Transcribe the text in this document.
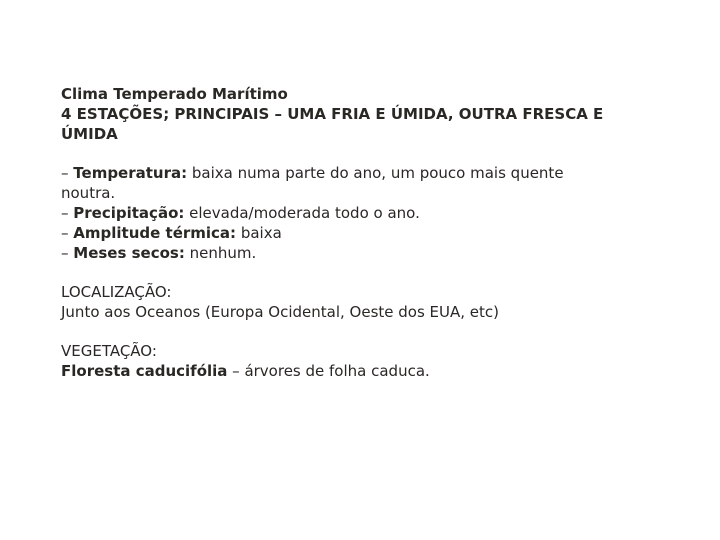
Clima Temperado Marítimo
4 ESTAÇÕES; PRINCIPAIS – UMA FRIA E ÚMIDA, OUTRA FRESCA E ÚMIDA
– Temperatura: baixa numa parte do ano, um pouco mais quente noutra.
– Precipitação: elevada/moderada todo o ano.
– Amplitude térmica: baixa
– Meses secos: nenhum.
LOCALIZAÇÃO:
Junto aos Oceanos (Europa Ocidental, Oeste dos EUA, etc)
VEGETAÇÃO:
Floresta caducifólia – árvores de folha caduca.
